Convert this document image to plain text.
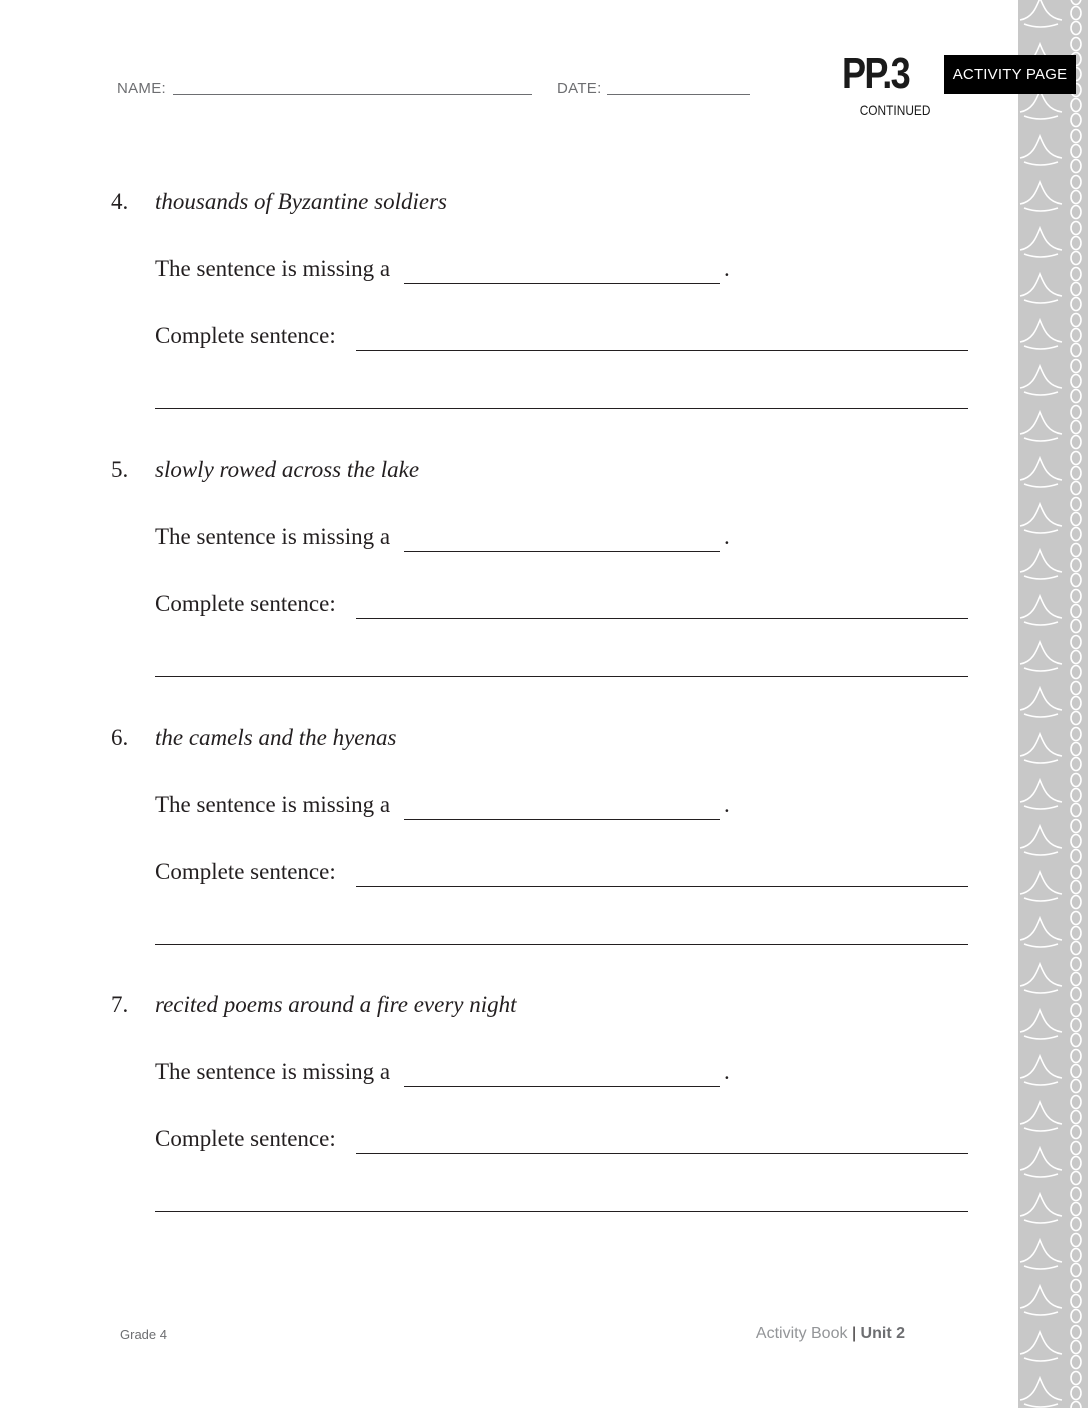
NAME:	DATE:	PP.3
CONTINUED
ACTIVITY PAGE
4. thousands of Byzantine soldiers
The sentence is missing a	.
Complete sentence:
5. slowly rowed across the lake
The sentence is missing a	.
Complete sentence:
6. the camels and the hyenas
The sentence is missing a	.
Complete sentence:
7. recited poems around a fire every night
The sentence is missing a	.
Complete sentence:
Grade 4	Activity Book | Unit 2
